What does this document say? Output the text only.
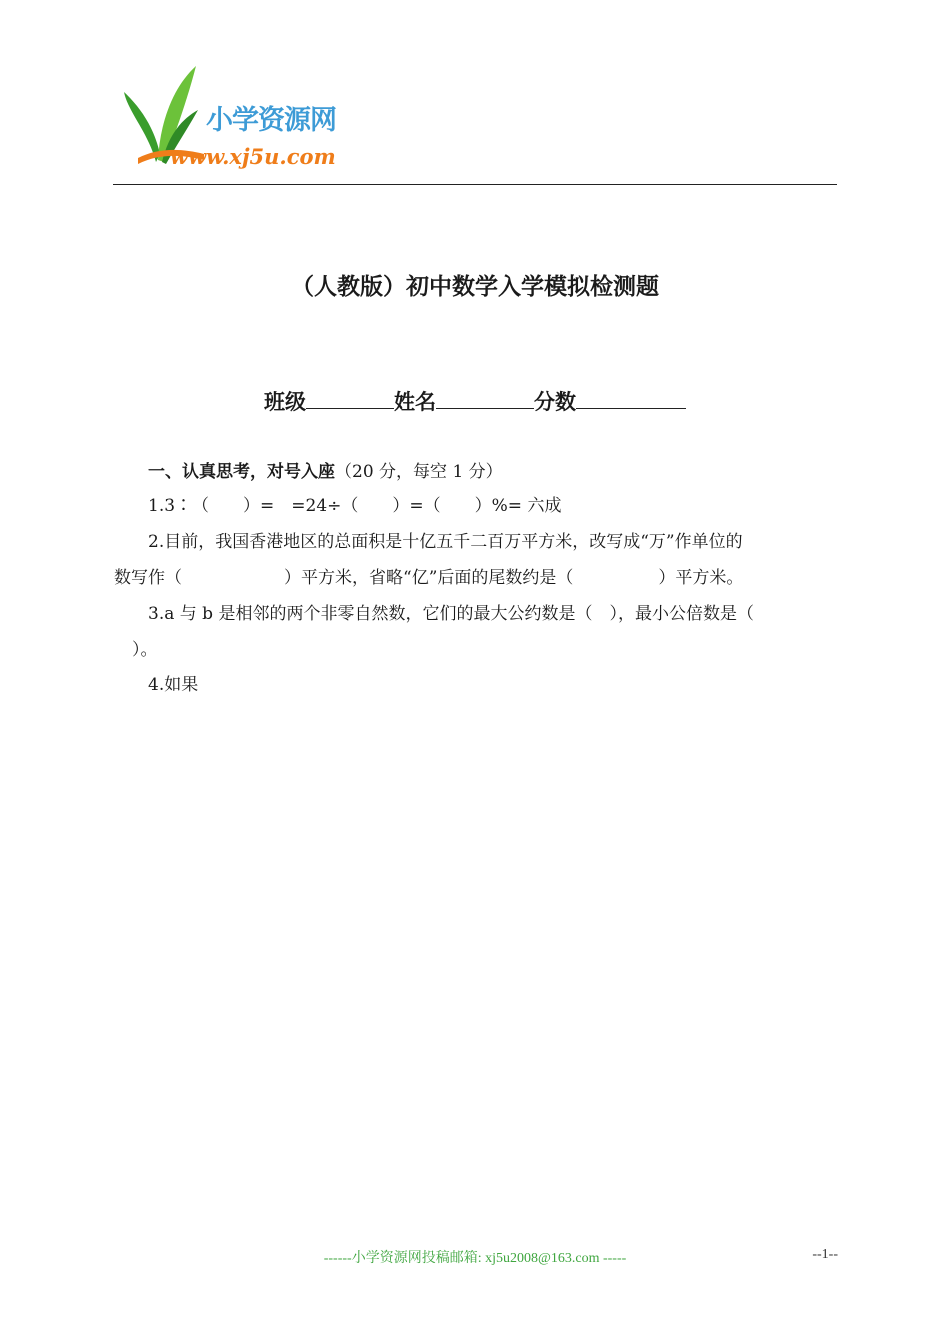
小学资源网
www.xj5u.com
（人教版）初中数学入学模拟检测题
班级	姓名	分数
一、认真思考，对号入座（20 分，每空 1 分）
1.3∶（　　）=　=24÷（　　）=（　　）%= 六成
2.目前，我国香港地区的总面积是十亿五千二百万平方米，改写成“万”作单位的
数写作（　　　　　　）平方米，省略“亿”后面的尾数约是（　　　　　）平方米。
3.a 与 b 是相邻的两个非零自然数，它们的最大公约数是（　），最小公倍数是（
）。
4.如果
------小学资源网投稿邮箱: xj5u2008@163.com -----	--1--
